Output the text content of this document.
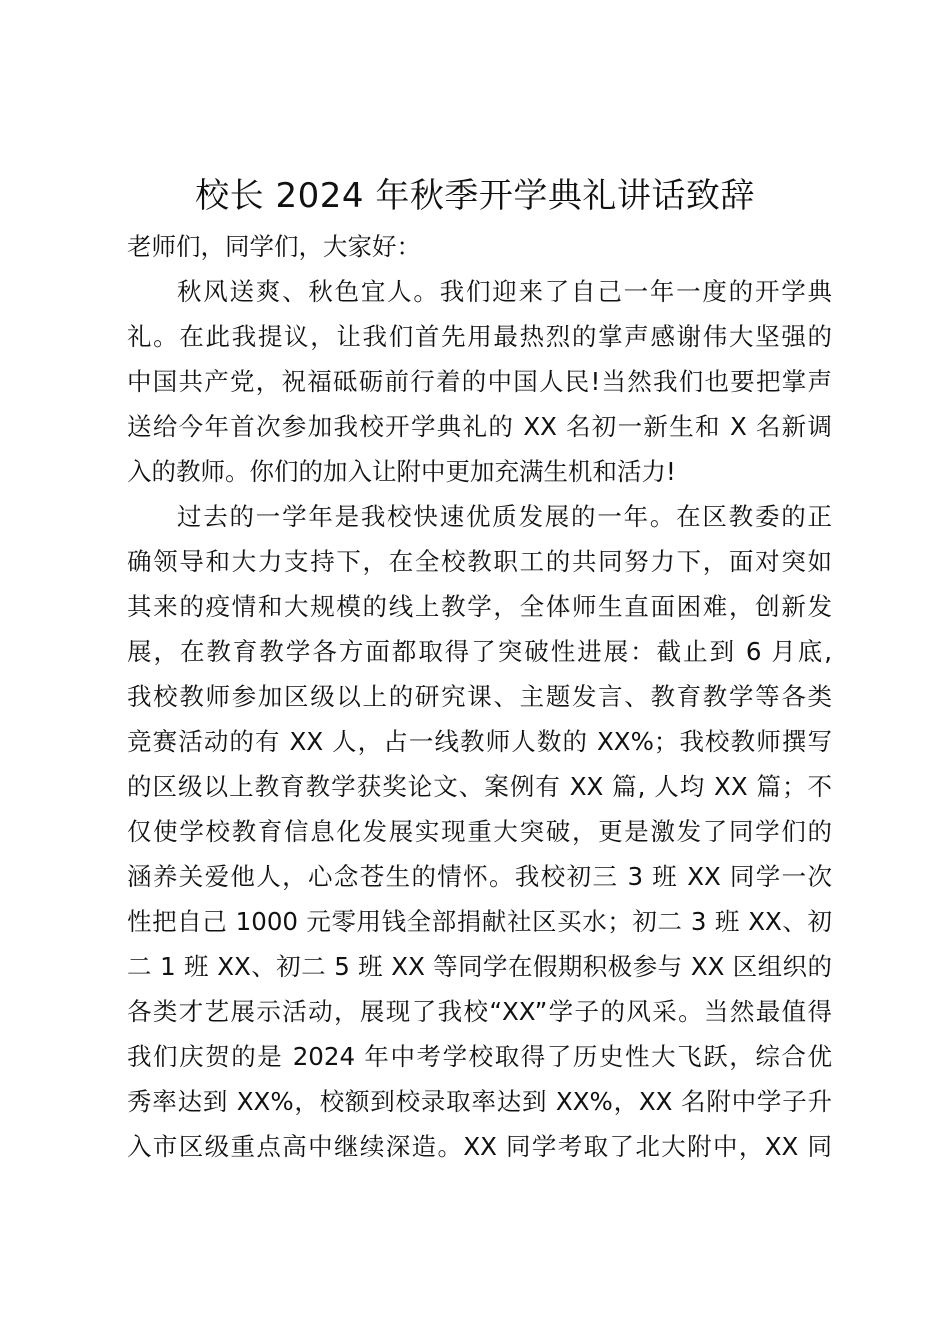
校长 2024 年秋季开学典礼讲话致辞
老师们，同学们，大家好：
秋风送爽、秋色宜人。我们迎来了自己一年一度的开学典
礼。在此我提议，让我们首先用最热烈的掌声感谢伟大坚强的
中国共产党，祝福砥砺前行着的中国人民!当然我们也要把掌声
送给今年首次参加我校开学典礼的 XX 名初一新生和 X 名新调
入的教师。你们的加入让附中更加充满生机和活力!
过去的一学年是我校快速优质发展的一年。在区教委的正
确领导和大力支持下，在全校教职工的共同努力下，面对突如
其来的疫情和大规模的线上教学，全体师生直面困难，创新发
展，在教育教学各方面都取得了突破性进展：截止到 6 月底,
我校教师参加区级以上的研究课、主题发言、教育教学等各类
竞赛活动的有 XX 人，占一线教师人数的 XX%；我校教师撰写
的区级以上教育教学获奖论文、案例有 XX 篇, 人均 XX 篇；不
仅使学校教育信息化发展实现重大突破，更是激发了同学们的
涵养关爱他人，心念苍生的情怀。我校初三 3 班 XX 同学一次
性把自己 1000 元零用钱全部捐献社区买水；初二 3 班 XX、初
二 1 班 XX、初二 5 班 XX 等同学在假期积极参与 XX 区组织的
各类才艺展示活动，展现了我校“XX”学子的风采。当然最值得
我们庆贺的是 2024 年中考学校取得了历史性大飞跃，综合优
秀率达到 XX%，校额到校录取率达到 XX%，XX 名附中学子升
入市区级重点高中继续深造。XX 同学考取了北大附中，XX 同
